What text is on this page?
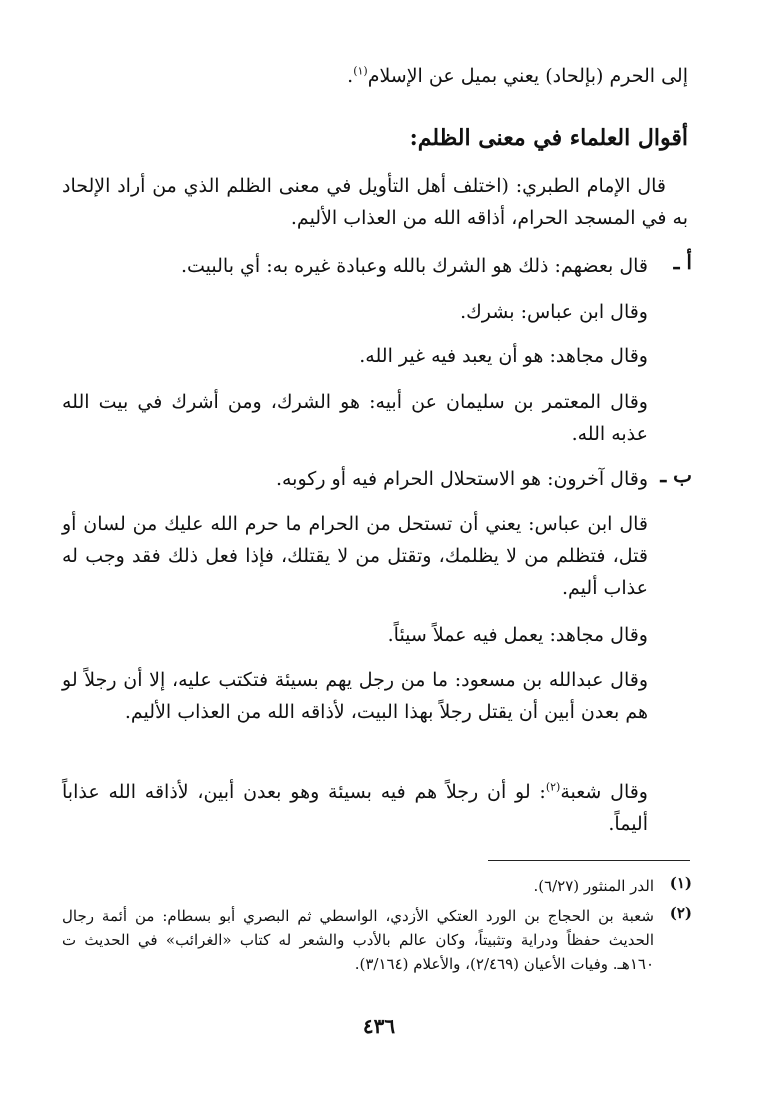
إلى الحرم (بإلحاد) يعني بميل عن الإسلام$^{(١)}$.
أقوال العلماء في معنى الظلم:
قال الإمام الطبري: (اختلف أهل التأويل في معنى الظلم الذي من أراد الإلحاد به في المسجد الحرام، أذاقه الله من العذاب الأليم.
أ ـ
قال بعضهم: ذلك هو الشرك بالله وعبادة غيره به: أي بالبيت.
وقال ابن عباس: بشرك.
وقال مجاهد: هو أن يعبد فيه غير الله.
وقال المعتمر بن سليمان عن أبيه: هو الشرك، ومن أشرك في بيت الله عذبه الله.
ب ـ
وقال آخرون: هو الاستحلال الحرام فيه أو ركوبه.
قال ابن عباس: يعني أن تستحل من الحرام ما حرم الله عليك من لسان أو قتل، فتظلم من لا يظلمك، وتقتل من لا يقتلك، فإذا فعل ذلك فقد وجب له عذاب أليم.
وقال مجاهد: يعمل فيه عملاً سيئاً.
وقال عبدالله بن مسعود: ما من رجل يهم بسيئة فتكتب عليه، إلا أن رجلاً لو هم بعدن أبين أن يقتل رجلاً بهذا البيت، لأذاقه الله من العذاب الأليم.
وقال شعبة$^{(٢)}$: لو أن رجلاً هم فيه بسيئة وهو بعدن أبين، لأذاقه الله عذاباً أليماً.
(١)
الدر المنثور (٦/٢٧).
(٢)
شعبة بن الحجاج بن الورد العتكي الأزدي، الواسطي ثم البصري أبو بسطام: من أئمة رجال الحديث حفظاً ودراية وتثبيتاً، وكان عالم بالأدب والشعر له كتاب «الغرائب» في الحديث ت ١٦٠هـ. وفيات الأعيان (٢/٤٦٩)، والأعلام (٣/١٦٤).
٤٣٦
